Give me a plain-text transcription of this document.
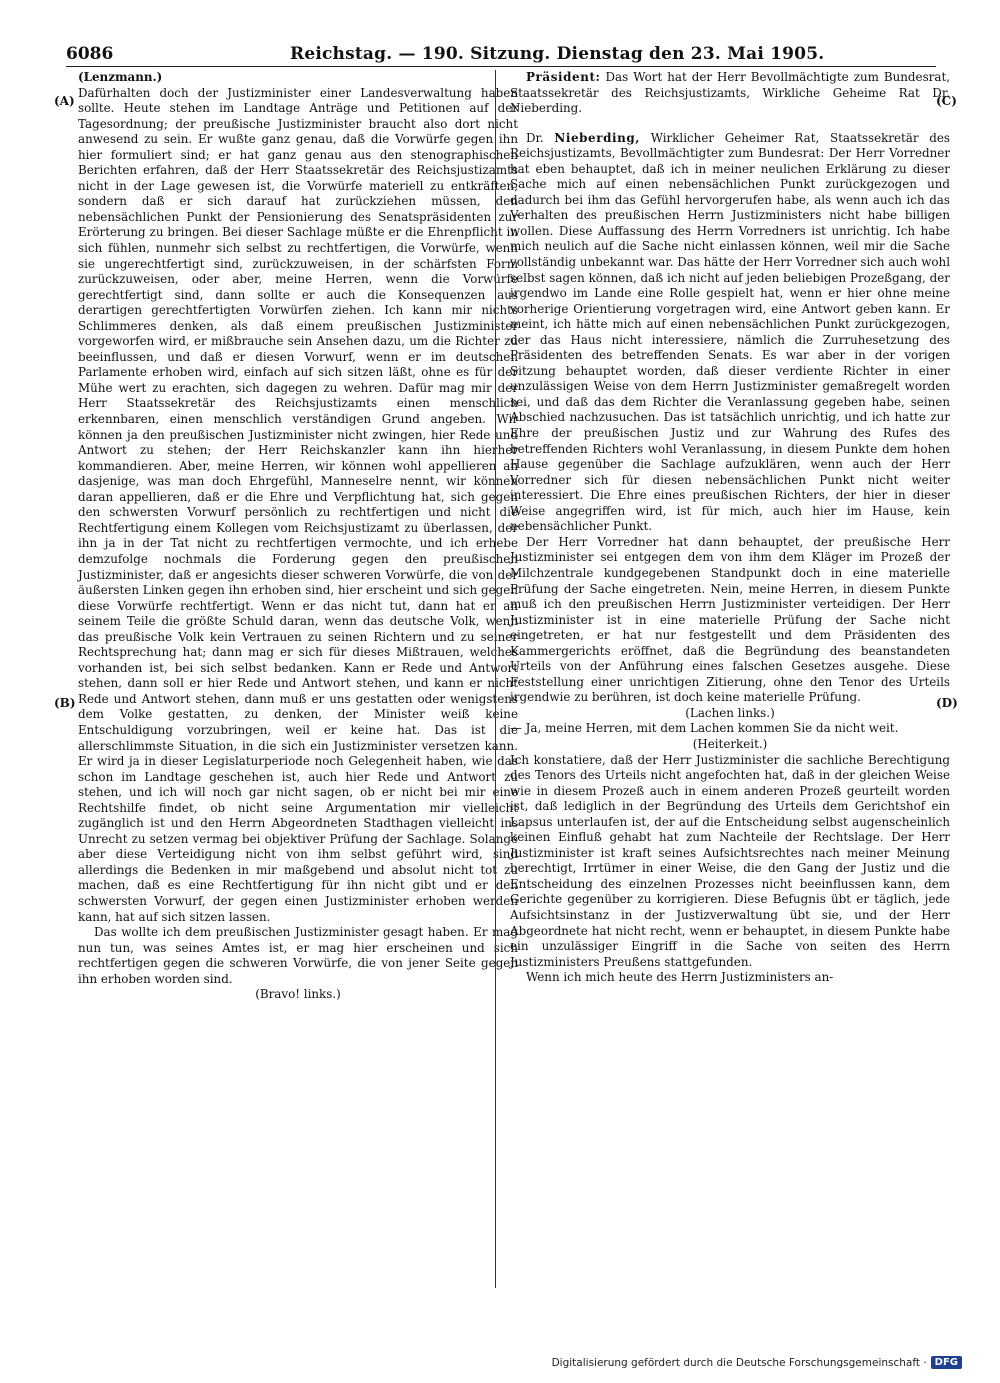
6086	Reichstag. — 190. Sitzung. Dienstag den 23. Mai 1905.
(A)
(B)
(C)
(D)

(Lenzmann.)

Dafürhalten doch der Justizminister einer Landesverwaltung haben sollte. Heute stehen im Landtage Anträge und Petitionen auf der Tagesordnung; der preußische Justizminister braucht also dort nicht anwesend zu sein. Er wußte ganz genau, daß die Vorwürfe gegen ihn hier formuliert sind; er hat ganz genau aus den stenographischen Berichten erfahren, daß der Herr Staatssekretär des Reichsjustizamts nicht in der Lage gewesen ist, die Vorwürfe materiell zu entkräften, sondern daß er sich darauf hat zurückziehen müssen, den nebensächlichen Punkt der Pensionierung des Senatspräsidenten zur Erörterung zu bringen. Bei dieser Sachlage müßte er die Ehrenpflicht in sich fühlen, nunmehr sich selbst zu rechtfertigen, die Vorwürfe, wenn sie ungerechtfertigt sind, zurückzuweisen, in der schärfsten Form zurückzuweisen, oder aber, meine Herren, wenn die Vorwürfe gerechtfertigt sind, dann sollte er auch die Konsequenzen aus derartigen gerechtfertigten Vorwürfen ziehen. Ich kann mir nichts Schlimmeres denken, als daß einem preußischen Justizminister vorgeworfen wird, er mißbrauche sein Ansehen dazu, um die Richter zu beeinflussen, und daß er diesen Vorwurf, wenn er im deutschen Parlamente erhoben wird, einfach auf sich sitzen läßt, ohne es für der Mühe wert zu erachten, sich dagegen zu wehren. Dafür mag mir der Herr Staatssekretär des Reichsjustizamts einen menschlich erkennbaren, einen menschlich verständigen Grund angeben. Wir können ja den preußischen Justizminister nicht zwingen, hier Rede und Antwort zu stehen; der Herr Reichskanzler kann ihn hierher kommandieren. Aber, meine Herren, wir können wohl appellieren an dasjenige, was man doch Ehrgefühl, Manneselre nennt, wir können daran appellieren, daß er die Ehre und Verpflichtung hat, sich gegen den schwersten Vorwurf persönlich zu rechtfertigen und nicht die Rechtfertigung einem Kollegen vom Reichsjustizamt zu überlassen, der ihn ja in der Tat nicht zu rechtfertigen vermochte, und ich erhebe demzufolge nochmals die Forderung gegen den preußischen Justizminister, daß er angesichts dieser schweren Vorwürfe, die von der äußersten Linken gegen ihn erhoben sind, hier erscheint und sich gegen diese Vorwürfe rechtfertigt. Wenn er das nicht tut, dann hat er an seinem Teile die größte Schuld daran, wenn das deutsche Volk, wenn das preußische Volk kein Vertrauen zu seinen Richtern und zu seiner Rechtsprechung hat; dann mag er sich für dieses Mißtrauen, welches vorhanden ist, bei sich selbst bedanken. Kann er Rede und Antwort stehen, dann soll er hier Rede und Antwort stehen, und kann er nicht Rede und Antwort stehen, dann muß er uns gestatten oder wenigstens dem Volke gestatten, zu denken, der Minister weiß keine Entschuldigung vorzubringen, weil er keine hat. Das ist die allerschlimmste Situation, in die sich ein Justizminister versetzen kann. Er wird ja in dieser Legislaturperiode noch Gelegenheit haben, wie das schon im Landtage geschehen ist, auch hier Rede und Antwort zu stehen, und ich will noch gar nicht sagen, ob er nicht bei mir eine Rechtshilfe findet, ob nicht seine Argumentation mir vielleicht zugänglich ist und den Herrn Abgeordneten Stadthagen vielleicht ins Unrecht zu setzen vermag bei objektiver Prüfung der Sachlage. Solange aber diese Verteidigung nicht von ihm selbst geführt wird, sind allerdings die Bedenken in mir maßgebend und absolut nicht tot zu machen, daß es eine Rechtfertigung für ihn nicht gibt und er den schwersten Vorwurf, der gegen einen Justizminister erhoben werden kann, hat auf sich sitzen lassen.

Das wollte ich dem preußischen Justizminister gesagt haben. Er mag nun tun, was seines Amtes ist, er mag hier erscheinen und sich rechtfertigen gegen die schweren Vorwürfe, die von jener Seite gegen ihn erhoben worden sind.

(Bravo! links.)

Präsident: Das Wort hat der Herr Bevollmächtigte zum Bundesrat, Staatssekretär des Reichsjustizamts, Wirkliche Geheime Rat Dr. Nieberding.

Dr. Nieberding, Wirklicher Geheimer Rat, Staatssekretär des Reichsjustizamts, Bevollmächtigter zum Bundesrat: Der Herr Vorredner hat eben behauptet, daß ich in meiner neulichen Erklärung zu dieser Sache mich auf einen nebensächlichen Punkt zurückgezogen und dadurch bei ihm das Gefühl hervorgerufen habe, als wenn auch ich das Verhalten des preußischen Herrn Justizministers nicht habe billigen wollen. Diese Auffassung des Herrn Vorredners ist unrichtig. Ich habe mich neulich auf die Sache nicht einlassen können, weil mir die Sache vollständig unbekannt war. Das hätte der Herr Vorredner sich auch wohl selbst sagen können, daß ich nicht auf jeden beliebigen Prozeßgang, der irgendwo im Lande eine Rolle gespielt hat, wenn er hier ohne meine vorherige Orientierung vorgetragen wird, eine Antwort geben kann. Er meint, ich hätte mich auf einen nebensächlichen Punkt zurückgezogen, der das Haus nicht interessiere, nämlich die Zurruhesetzung des Präsidenten des betreffenden Senats. Es war aber in der vorigen Sitzung behauptet worden, daß dieser verdiente Richter in einer unzulässigen Weise von dem Herrn Justizminister gemaßregelt worden sei, und daß das dem Richter die Veranlassung gegeben habe, seinen Abschied nachzusuchen. Das ist tatsächlich unrichtig, und ich hatte zur Ehre der preußischen Justiz und zur Wahrung des Rufes des betreffenden Richters wohl Veranlassung, in diesem Punkte dem hohen Hause gegenüber die Sachlage aufzuklären, wenn auch der Herr Vorredner sich für diesen nebensächlichen Punkt nicht weiter interessiert. Die Ehre eines preußischen Richters, der hier in dieser Weise angegriffen wird, ist für mich, auch hier im Hause, kein nebensächlicher Punkt.

Der Herr Vorredner hat dann behauptet, der preußische Herr Justizminister sei entgegen dem von ihm dem Kläger im Prozeß der Milchzentrale kundgegebenen Standpunkt doch in eine materielle Prüfung der Sache eingetreten. Nein, meine Herren, in diesem Punkte muß ich den preußischen Herrn Justizminister verteidigen. Der Herr Justizminister ist in eine materielle Prüfung der Sache nicht eingetreten, er hat nur festgestellt und dem Präsidenten des Kammergerichts eröffnet, daß die Begründung des beanstandeten Urteils von der Anführung eines falschen Gesetzes ausgehe. Diese Feststellung einer unrichtigen Zitierung, ohne den Tenor des Urteils irgendwie zu berühren, ist doch keine materielle Prüfung.

(Lachen links.)

— Ja, meine Herren, mit dem Lachen kommen Sie da nicht weit.

(Heiterkeit.)

Ich konstatiere, daß der Herr Justizminister die sachliche Berechtigung des Tenors des Urteils nicht angefochten hat, daß in der gleichen Weise wie in diesem Prozeß auch in einem anderen Prozeß geurteilt worden ist, daß lediglich in der Begründung des Urteils dem Gerichtshof ein Lapsus unterlaufen ist, der auf die Entscheidung selbst augenscheinlich keinen Einfluß gehabt hat zum Nachteile der Rechtslage. Der Herr Justizminister ist kraft seines Aufsichtsrechtes nach meiner Meinung berechtigt, Irrtümer in einer Weise, die den Gang der Justiz und die Entscheidung des einzelnen Prozesses nicht beeinflussen kann, dem Gerichte gegenüber zu korrigieren. Diese Befugnis übt er täglich, jede Aufsichtsinstanz in der Justizverwaltung übt sie, und der Herr Abgeordnete hat nicht recht, wenn er behauptet, in diesem Punkte habe ein unzulässiger Eingriff in die Sache von seiten des Herrn Justizministers Preußens stattgefunden.

Wenn ich mich heute des Herrn Justizministers an-

Digitalisierung gefördert durch die Deutsche Forschungsgemeinschaft · DFG
